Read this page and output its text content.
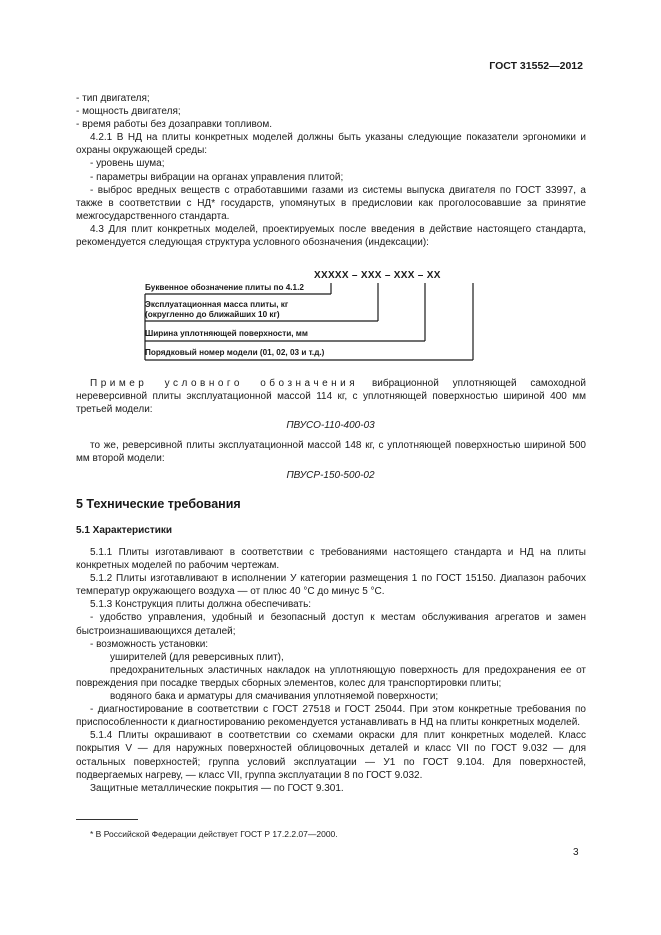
ГОСТ 31552—2012

- тип двигателя;

- мощность двигателя;

- время работы без дозаправки топливом.

4.2.1 В НД на плиты конкретных моделей должны быть указаны следующие показатели эргономики и охраны окружающей среды:

- уровень шума;

- параметры вибрации на органах управления плитой;

- выброс вредных веществ с отработавшими газами из системы выпуска двигателя по ГОСТ 33997, а также в соответствии с НД* государств, упомянутых в предисловии как проголосовавшие за принятие межгосударственного стандарта.

4.3 Для плит конкретных моделей, проектируемых после введения в действие настоящего стандарта, рекомендуется следующая структура условного обозначения (индексации):

ХХХХХ – ХХХ – ХХХ – ХХ
Буквенное обозначение плиты по 4.1.2
Эксплуатационная масса плиты, кг
(округленно до ближайших 10 кг)
Ширина уплотняющей поверхности, мм
Порядковый номер модели (01, 02, 03 и т.д.)
Пример условного обозначения вибрационной уплотняющей самоходной нереверсивной плиты эксплуатационной массой 114 кг, с уплотняющей поверхностью шириной 400 мм третьей модели:
ПВУСО-110-400-03

то же, реверсивной плиты эксплуатационной массой 148 кг, с уплотняющей поверхностью шириной 500 мм второй модели:

ПВУСР-150-500-02
5 Технические требования
5.1 Характеристики

5.1.1 Плиты изготавливают в соответствии с требованиями настоящего стандарта и НД на плиты конкретных моделей по рабочим чертежам.

5.1.2 Плиты изготавливают в исполнении У категории размещения 1 по ГОСТ 15150. Диапазон рабочих температур окружающего воздуха — от плюс 40 °С до минус 5 °С.

5.1.3 Конструкция плиты должна обеспечивать:

- удобство управления, удобный и безопасный доступ к местам обслуживания агрегатов и замен быстроизнашивающихся деталей;

- возможность установки:

уширителей (для реверсивных плит),

предохранительных эластичных накладок на уплотняющую поверхность для предохранения ее от повреждения при посадке твердых сборных элементов, колес для транспортировки плиты;

водяного бака и арматуры для смачивания уплотняемой поверхности;

- диагностирование в соответствии с ГОСТ 27518 и ГОСТ 25044. При этом конкретные требования по приспособленности к диагностированию рекомендуется устанавливать в НД на плиты конкретных моделей.

5.1.4 Плиты окрашивают в соответствии со схемами окраски для плит конкретных моделей. Класс покрытия V — для наружных поверхностей облицовочных деталей и класс VII по ГОСТ 9.032 — для остальных поверхностей; группа условий эксплуатации — У1 по ГОСТ 9.104. Для поверхностей, подвергаемых нагреву, — класс VII, группа эксплуатации 8 по ГОСТ 9.032.

Защитные металлические покрытия — по ГОСТ 9.301.

* В Российской Федерации действует ГОСТ Р 17.2.2.07—2000.
3
